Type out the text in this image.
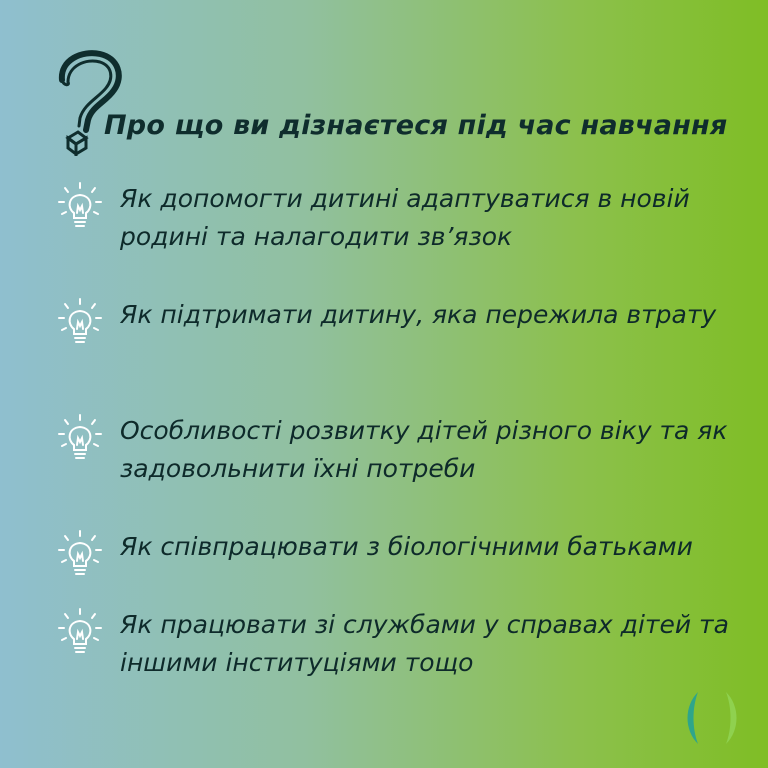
Про що ви дізнаєтеся під час навчання
Як допомогти дитині адаптуватися в новій родині та налагодити зв’язок
Як підтримати дитину, яка пережила втрату
Особливості розвитку дітей різного віку та як задовольнити їхні потреби
Як співпрацювати з біологічними батьками
Як працювати зі службами у справах дітей та іншими інституціями тощо
